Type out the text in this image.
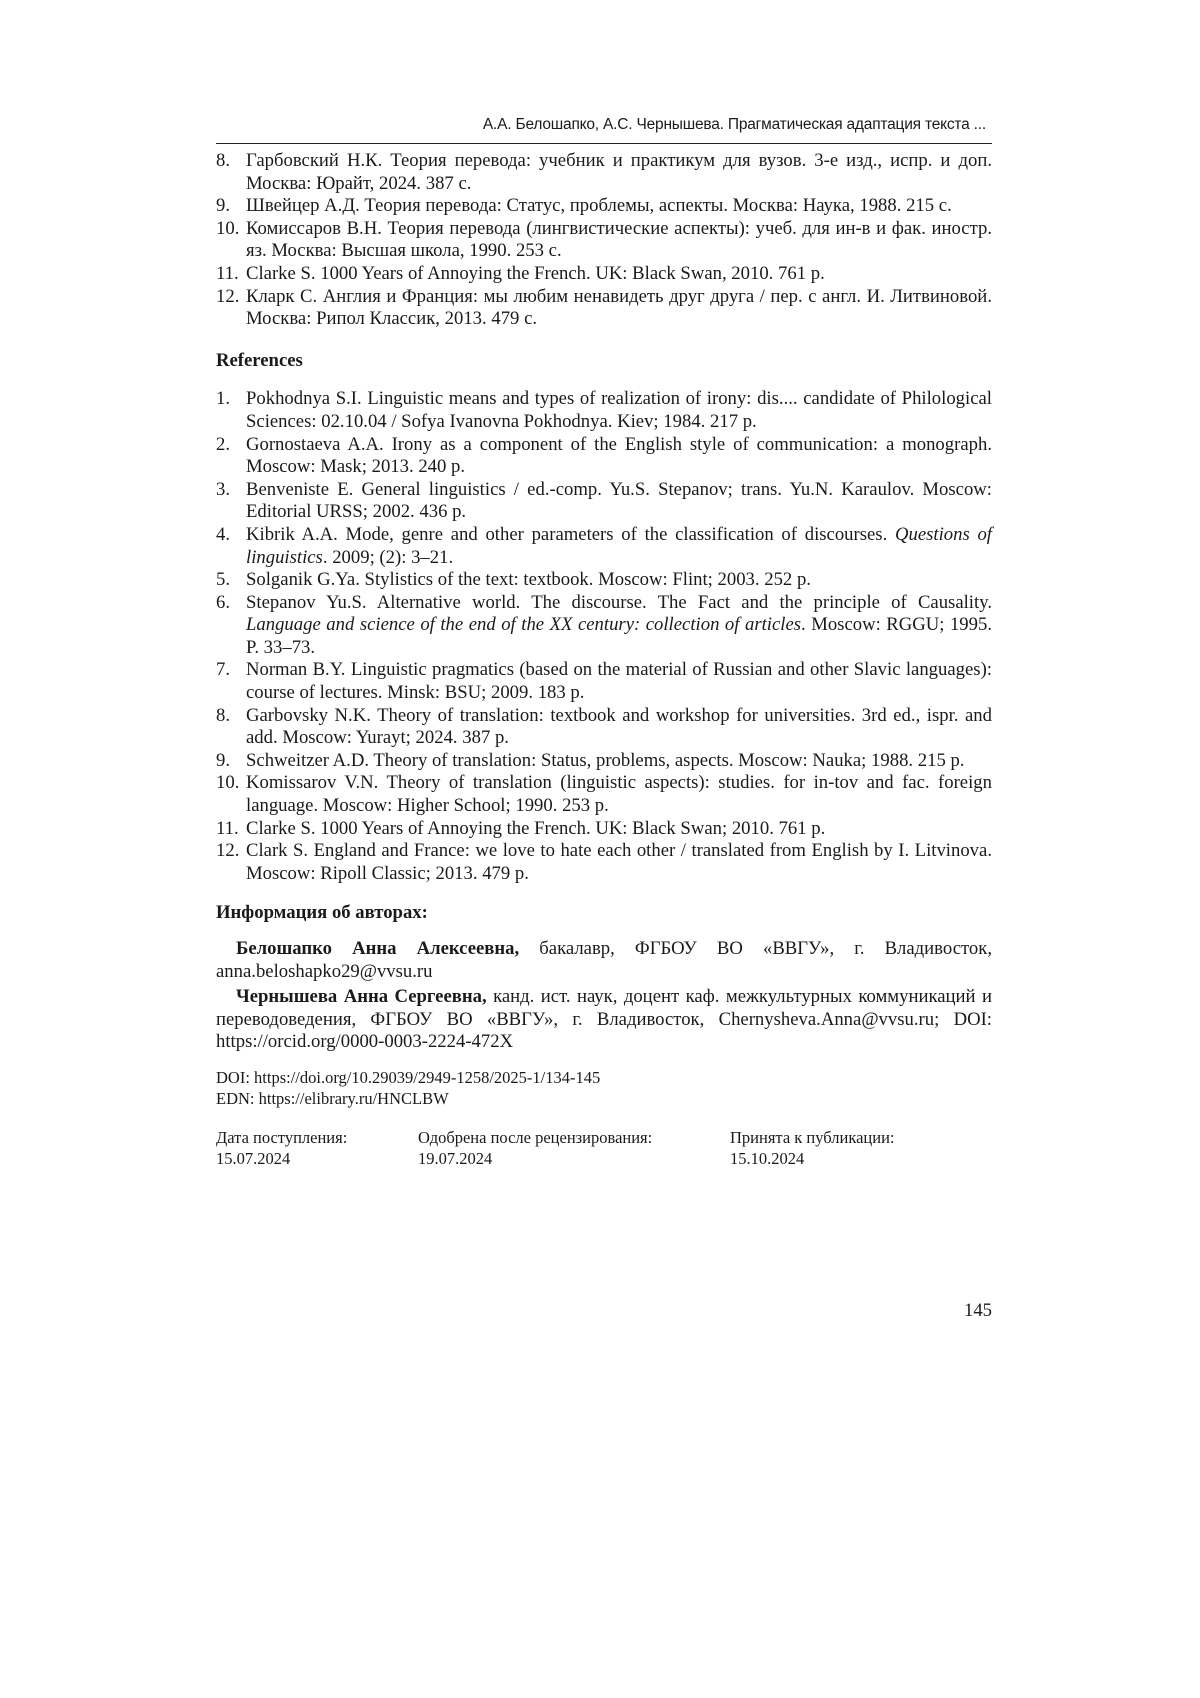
А.А. Белошапко, А.С. Чернышева. Прагматическая адаптация текста ...
8. Гарбовский Н.К. Теория перевода: учебник и практикум для вузов. 3-е изд., испр. и доп. Москва: Юрайт, 2024. 387 с.
9. Швейцер А.Д. Теория перевода: Статус, проблемы, аспекты. Москва: Наука, 1988. 215 с.
10. Комиссаров В.Н. Теория перевода (лингвистические аспекты): учеб. для ин-в и фак. иностр. яз. Москва: Высшая школа, 1990. 253 с.
11. Clarke S. 1000 Years of Annoying the French. UK: Black Swan, 2010. 761 p.
12. Кларк С. Англия и Франция: мы любим ненавидеть друг друга / пер. с англ. И. Литвиновой. Москва: Рипол Классик, 2013. 479 с.
References
1. Pokhodnya S.I. Linguistic means and types of realization of irony: dis.... candidate of Philological Sciences: 02.10.04 / Sofya Ivanovna Pokhodnya. Kiev; 1984. 217 p.
2. Gornostaeva A.A. Irony as a component of the English style of communication: a monograph. Moscow: Mask; 2013. 240 p.
3. Benveniste E. General linguistics / ed.-comp. Yu.S. Stepanov; trans. Yu.N. Karaulov. Moscow: Editorial URSS; 2002. 436 p.
4. Kibrik A.A. Mode, genre and other parameters of the classification of discourses. Questions of linguistics. 2009; (2): 3–21.
5. Solganik G.Ya. Stylistics of the text: textbook. Moscow: Flint; 2003. 252 p.
6. Stepanov Yu.S. Alternative world. The discourse. The Fact and the principle of Causality. Language and science of the end of the XX century: collection of articles. Moscow: RGGU; 1995. P. 33–73.
7. Norman B.Y. Linguistic pragmatics (based on the material of Russian and other Slavic languages): course of lectures. Minsk: BSU; 2009. 183 p.
8. Garbovsky N.K. Theory of translation: textbook and workshop for universities. 3rd ed., ispr. and add. Moscow: Yurayt; 2024. 387 p.
9. Schweitzer A.D. Theory of translation: Status, problems, aspects. Moscow: Nauka; 1988. 215 p.
10. Komissarov V.N. Theory of translation (linguistic aspects): studies. for in-tov and fac. foreign language. Moscow: Higher School; 1990. 253 p.
11. Clarke S. 1000 Years of Annoying the French. UK: Black Swan; 2010. 761 p.
12. Clark S. England and France: we love to hate each other / translated from English by I. Litvinova. Moscow: Ripoll Classic; 2013. 479 p.
Информация об авторах:

Белошапко Анна Алексеевна, бакалавр, ФГБОУ ВО «ВВГУ», г. Владивосток, anna.beloshapko29@vvsu.ru

Чернышева Анна Сергеевна, канд. ист. наук, доцент каф. межкультурных коммуникаций и переводоведения, ФГБОУ ВО «ВВГУ», г. Владивосток, Chernysheva.Anna@vvsu.ru; DOI: https://orcid.org/0000-0003-2224-472X

DOI: https://doi.org/10.29039/2949-1258/2025-1/134-145
EDN: https://elibrary.ru/HNCLBW
Дата поступления:
15.07.2024
Одобрена после рецензирования:
19.07.2024
Принята к публикации:
15.10.2024
145
